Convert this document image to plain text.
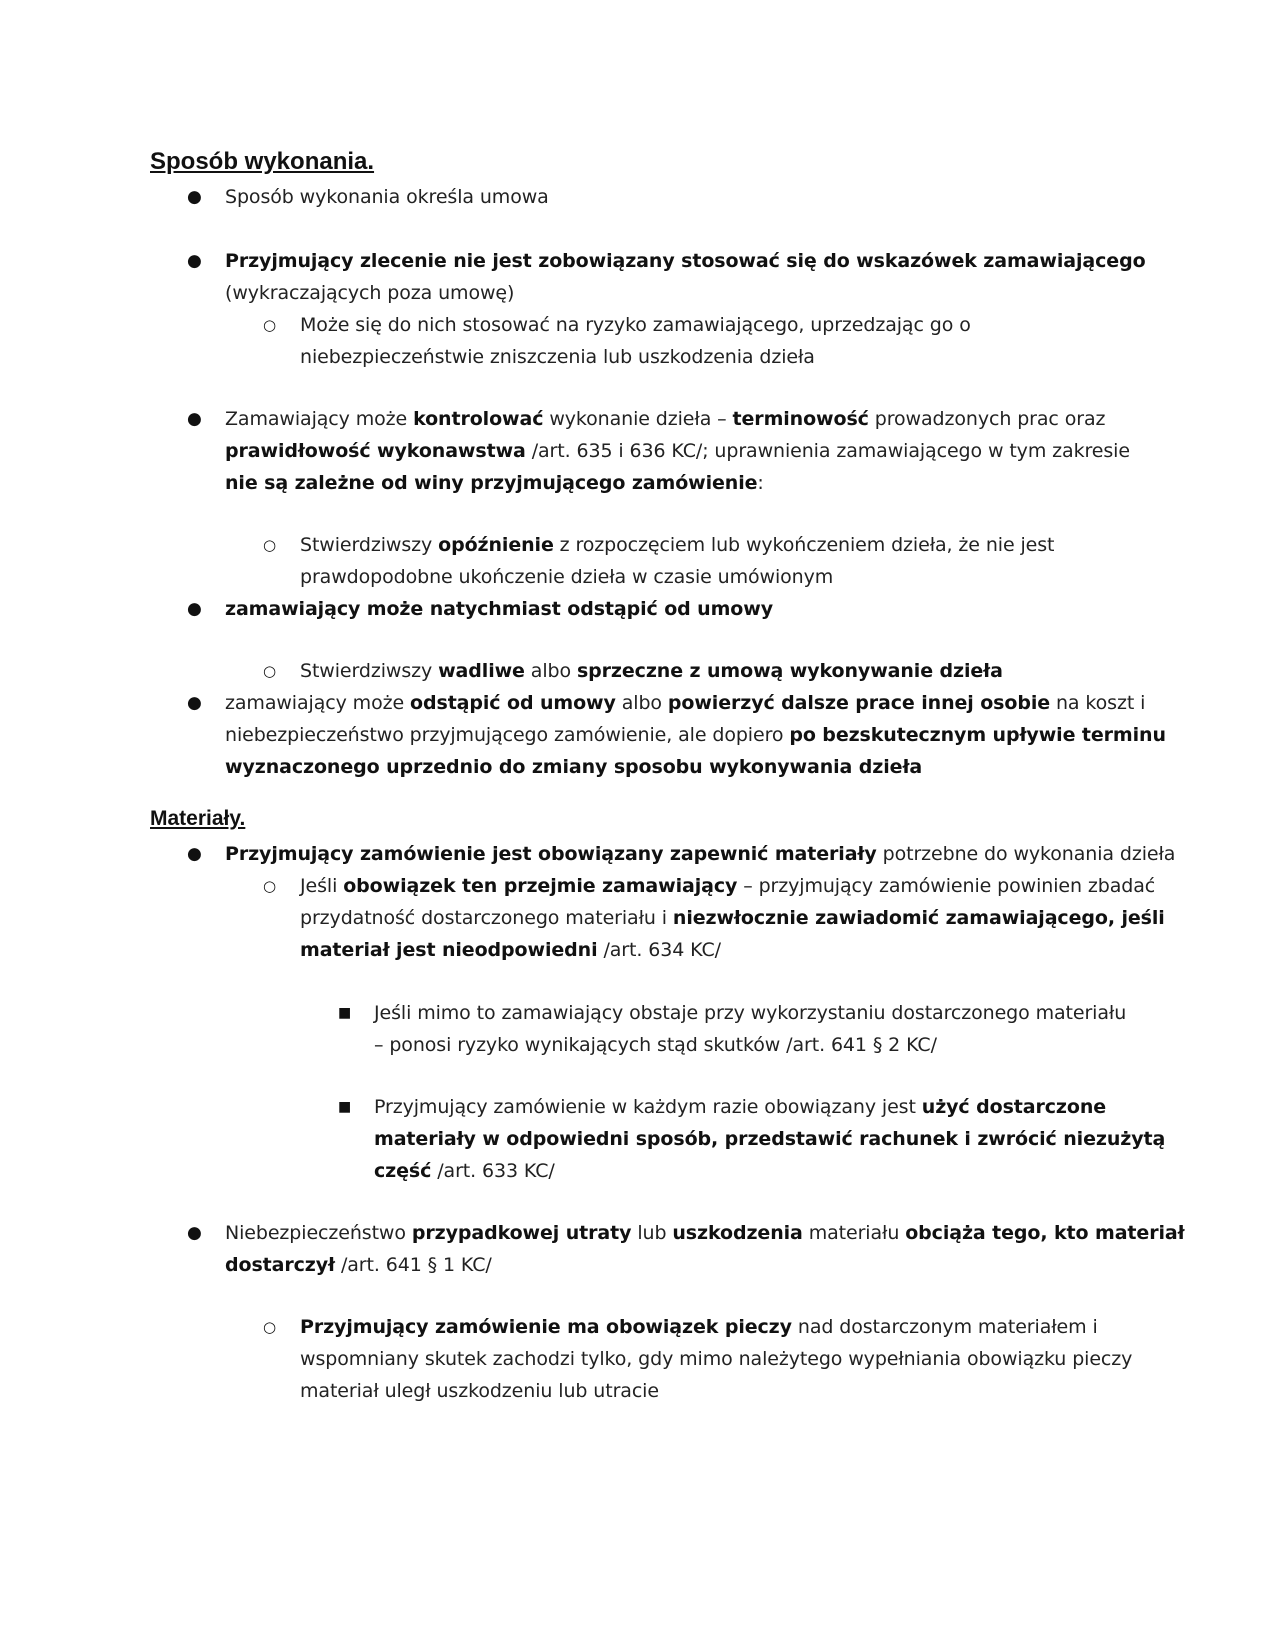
Sposób wykonania.
● Sposób wykonania określa umowa

● Przyjmujący zlecenie nie jest zobowiązany stosować się do wskazówek zamawiającego

(wykraczających poza umowę)

○ Może się do nich stosować na ryzyko zamawiającego, uprzedzając go o

niebezpieczeństwie zniszczenia lub uszkodzenia dzieła

● Zamawiający może kontrolować wykonanie dzieła – terminowość prowadzonych prac oraz

prawidłowość wykonawstwa /art. 635 i 636 KC/; uprawnienia zamawiającego w tym zakresie

nie są zależne od winy przyjmującego zamówienie:

○ Stwierdziwszy opóźnienie z rozpoczęciem lub wykończeniem dzieła, że nie jest

prawdopodobne ukończenie dzieła w czasie umówionym

● zamawiający może natychmiast odstąpić od umowy

○ Stwierdziwszy wadliwe albo sprzeczne z umową wykonywanie dzieła

● zamawiający może odstąpić od umowy albo powierzyć dalsze prace innej osobie na koszt i

niebezpieczeństwo przyjmującego zamówienie, ale dopiero po bezskutecznym upływie terminu

wyznaczonego uprzednio do zmiany sposobu wykonywania dzieła

Materiały.
● Przyjmujący zamówienie jest obowiązany zapewnić materiały potrzebne do wykonania dzieła

○ Jeśli obowiązek ten przejmie zamawiający – przyjmujący zamówienie powinien zbadać

przydatność dostarczonego materiału i niezwłocznie zawiadomić zamawiającego, jeśli

materiał jest nieodpowiedni /art. 634 KC/

■ Jeśli mimo to zamawiający obstaje przy wykorzystaniu dostarczonego materiału

– ponosi ryzyko wynikających stąd skutków /art. 641 § 2 KC/

■ Przyjmujący zamówienie w każdym razie obowiązany jest użyć dostarczone

materiały w odpowiedni sposób, przedstawić rachunek i zwrócić niezużytą

część /art. 633 KC/

● Niebezpieczeństwo przypadkowej utraty lub uszkodzenia materiału obciąża tego, kto materiał

dostarczył /art. 641 § 1 KC/

○ Przyjmujący zamówienie ma obowiązek pieczy nad dostarczonym materiałem i

wspomniany skutek zachodzi tylko, gdy mimo należytego wypełniania obowiązku pieczy

materiał uległ uszkodzeniu lub utracie
